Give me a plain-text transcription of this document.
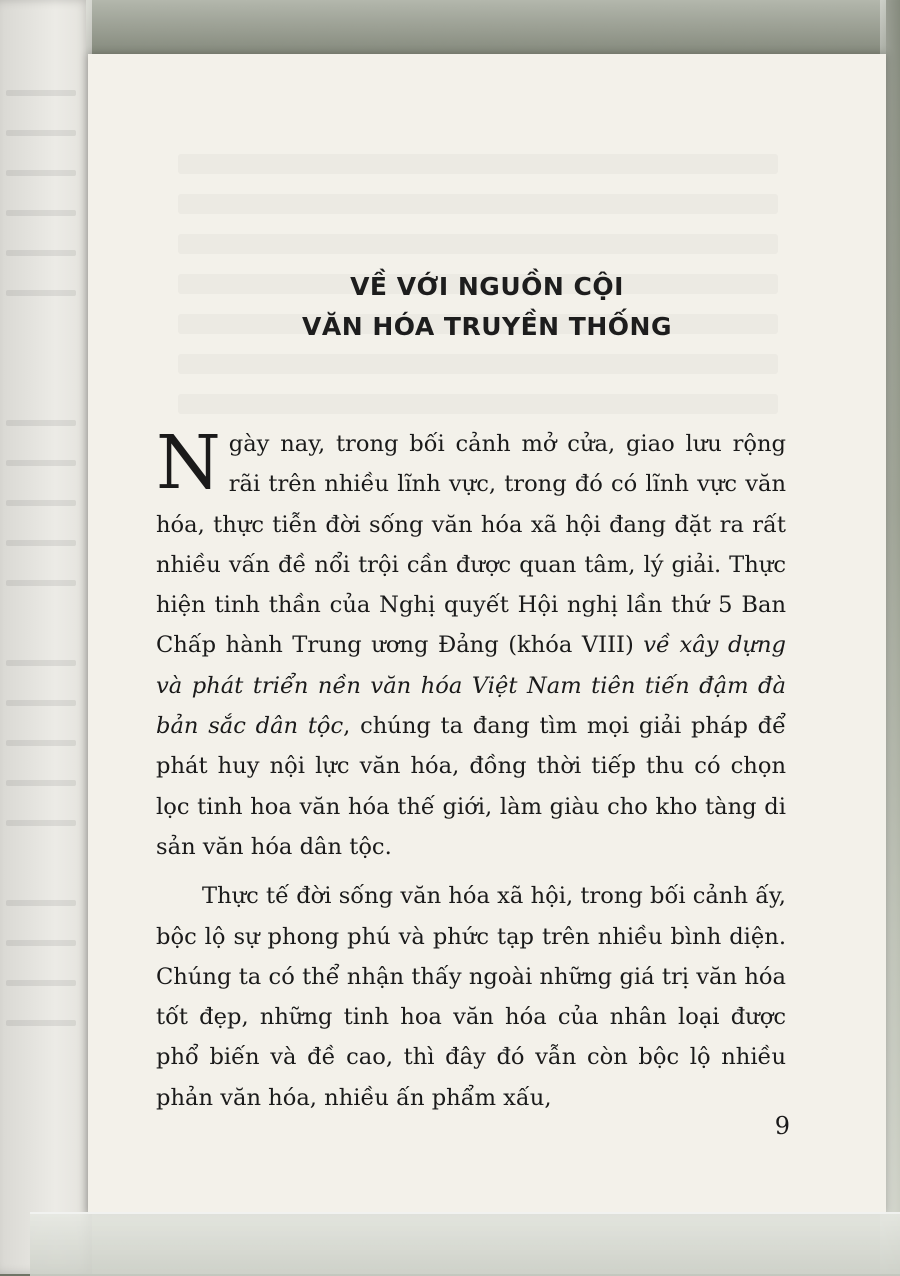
VỀ VỚI NGUỒN CỘI
VĂN HÓA TRUYỀN THỐNG

Ngày nay, trong bối cảnh mở cửa, giao lưu rộng rãi trên nhiều lĩnh vực, trong đó có lĩnh vực văn hóa, thực tiễn đời sống văn hóa xã hội đang đặt ra rất nhiều vấn đề nổi trội cần được quan tâm, lý giải. Thực hiện tinh thần của Nghị quyết Hội nghị lần thứ 5 Ban Chấp hành Trung ương Đảng (khóa VIII) về xây dựng và phát triển nền văn hóa Việt Nam tiên tiến đậm đà bản sắc dân tộc, chúng ta đang tìm mọi giải pháp để phát huy nội lực văn hóa, đồng thời tiếp thu có chọn lọc tinh hoa văn hóa thế giới, làm giàu cho kho tàng di sản văn hóa dân tộc.

Thực tế đời sống văn hóa xã hội, trong bối cảnh ấy, bộc lộ sự phong phú và phức tạp trên nhiều bình diện. Chúng ta có thể nhận thấy ngoài những giá trị văn hóa tốt đẹp, những tinh hoa văn hóa của nhân loại được phổ biến và đề cao, thì đây đó vẫn còn bộc lộ nhiều phản văn hóa, nhiều ấn phẩm xấu,

9
